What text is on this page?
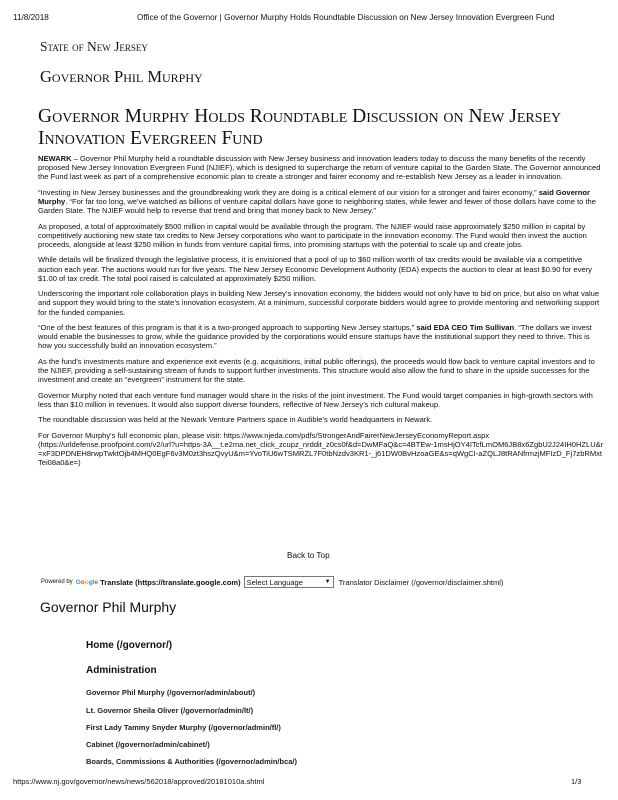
11/8/2018	Office of the Governor | Governor Murphy Holds Roundtable Discussion on New Jersey Innovation Evergreen Fund
State of New Jersey
Governor Phil Murphy
Governor Murphy Holds Roundtable Discussion on New Jersey
Innovation Evergreen Fund

NEWARK – Governor Phil Murphy held a roundtable discussion with New Jersey business and innovation leaders today to discuss the many benefits of the recently proposed New Jersey Innovation Evergreen Fund (NJIEF), which is designed to supercharge the return of venture capital to the Garden State. The Governor announced the Fund last week as part of a comprehensive economic plan to create a stronger and fairer economy and re-establish New Jersey as a leader in innovation.

“Investing in New Jersey businesses and the groundbreaking work they are doing is a critical element of our vision for a stronger and fairer economy,” said Governor Murphy. “For far too long, we’ve watched as billions of venture capital dollars have gone to neighboring states, while fewer and fewer of those dollars have come to the Garden State. The NJIEF would help to reverse that trend and bring that money back to New Jersey.”

As proposed, a total of approximately $500 million in capital would be available through the program. The NJIEF would raise approximately $250 million in capital by competitively auctioning new state tax credits to New Jersey corporations who want to participate in the innovation economy. The Fund would then invest the auction proceeds, alongside at least $250 million in funds from venture capital firms, into promising startups with the potential to scale up and create jobs.

While details will be finalized through the legislative process, it is envisioned that a pool of up to $60 million worth of tax credits would be available via a competitive auction each year. The auctions would run for five years. The New Jersey Economic Development Authority (EDA) expects the auction to clear at least $0.90 for every $1.00 of tax credit. The total pool raised is calculated at approximately $250 million.

Underscoring the important role collaboration plays in building New Jersey’s innovation economy, the bidders would not only have to bid on price, but also on what value and support they would bring to the state’s innovation ecosystem. At a minimum, successful corporate bidders would agree to provide mentoring and networking support for the funded companies.

“One of the best features of this program is that it is a two-pronged approach to supporting New Jersey startups,” said EDA CEO Tim Sullivan. “The dollars we invest would enable the businesses to grow, while the guidance provided by the corporations would ensure startups have the institutional support they need to thrive. This is how you successfully build an innovation ecosystem.”

As the fund’s investments mature and experience exit events (e.g. acquisitions, initial public offerings), the proceeds would flow back to venture capital investors and to the NJIEF, providing a self-sustaining stream of funds to support further investments. This structure would also allow the fund to share in the upside successes for the investment and create an “evergreen” instrument for the state.

Governor Murphy noted that each venture fund manager would share in the risks of the joint investment. The Fund would target companies in high-growth sectors with less than $10 million in revenues. It would also support diverse founders, reflective of New Jersey’s rich cultural makeup.

The roundtable discussion was held at the Newark Venture Partners space in Audible’s world headquarters in Newark.

For Governor Murphy's full economic plan, please visit: https://www.njeda.com/pdfs/StrongerAndFairerNewJerseyEconomyReport.aspx
(https://urldefense.proofpoint.com/v2/url?u=https-3A__t.e2ma.net_click_zcupz_nrddit_z0cs0f&d=DwMFaQ&c=4BTEw-1msHjOY4ITcfLmOM6JB8x6ZgbU2J24IH0HZLU&r=xF3DPDNEH8rwpTwktOjb4MHQ0EgF6v3M0zt3hszQvyU&m=YvoTiU6wTSMRZL7F0tbNzdv3KR1-_j61DW0BvHzoaGE&s=qWgCI-aZQLJ8tRANfrmzjMFIzD_Fj7zbRMxtTei08a0&e=)

Back to Top
Powered by Google Translate (https://translate.google.com) Select Language	▼ Translator Disclaimer (/governor/disclaimer.shtml)
Governor Phil Murphy
Home (/governor/)
Administration
Governor Phil Murphy (/governor/admin/about/)
Lt. Governor Sheila Oliver (/governor/admin/lt/)
First Lady Tammy Snyder Murphy (/governor/admin/fl/)
Cabinet (/governor/admin/cabinet/)
Boards, Commissions & Authorities (/governor/admin/bca/)
https://www.nj.gov/governor/news/news/562018/approved/20181010a.shtml	1/3
